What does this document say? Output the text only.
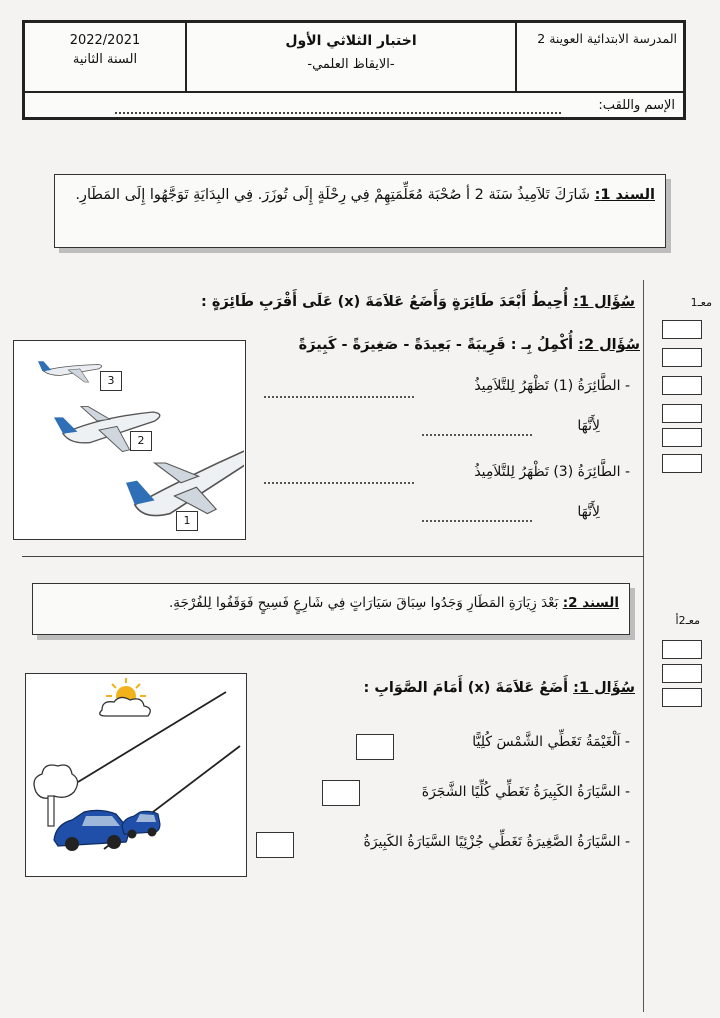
المدرسة الابتدائية العوينة 2
اختبار الثلاثي الأول
-الايقاظ العلمي-
2022/2021
السنة الثانية
الإسم واللقب:
السند 1: شَارَكَ تَلاَمِيذُ سَنَة 2 أ صُحْبَة مُعَلِّمَتِهِمْ فِي رِحْلَةٍ إِلَى تُوزَرَ. فِي البِدَايَةِ تَوَجَّهُوا إِلَى المَطَارِ.
معـ1
سُؤَال 1: أُحِيطُ أَبْعَدَ طَائِرَةٍ وَأَضَعُ عَلاَمَةَ (x) عَلَى أَقْرَبِ طَائِرَةٍ :
سُؤَال 2: أُكْمِلُ بِـ : قَرِيبَةً - بَعِيدَةً - صَغِيرَةً - كَبِيرَةً
- الطَّائِرَةُ (1) تَظْهَرُ لِلتَّلاَمِيذُ
لِأَنَّهَا
- الطَّائِرَةُ (3) تَظْهَرُ لِلتَّلاَمِيذُ
لِأَنَّهَا
3
2
1
السند 2: بَعْدَ زِيَارَةِ المَطَارِ وَجَدُوا سِبَاقَ سَيَارَاتٍ فِي شَارِعٍ فَسِيحٍ فَوَقَفُوا لِلفُرْجَةِ.
معـ2أ
سُؤَال 1: أَضَعُ عَلاَمَةَ (x) أَمَامَ الصَّوَابِ :
- اَلْغَيْمَةُ تَغَطِّي الشَّمْسَ كُلِيًّا
- السَّيَارَةُ الكَبِيرَةُ تَغَطِّي كُلِّيًا الشَّجَرَةَ
- السَّيَارَةُ الصَّغِيرَةُ تَغَطِّي جُزْئِيًا السَّيَارَةُ الكَبِيرَةُ
